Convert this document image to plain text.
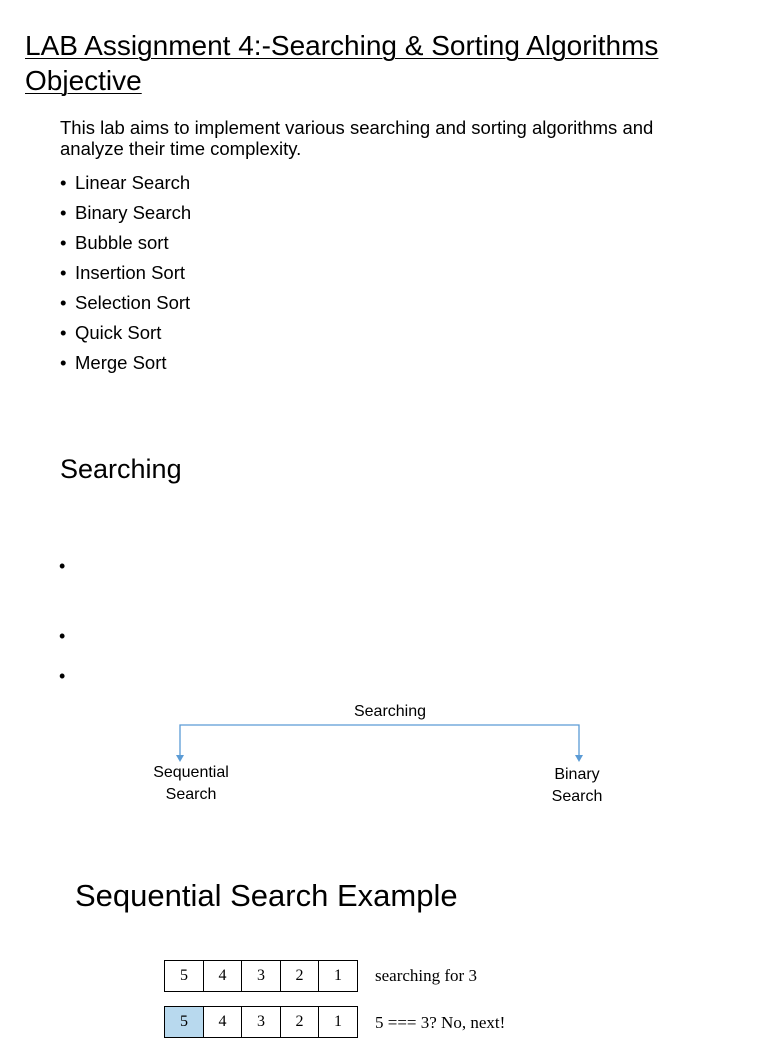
LAB Assignment 4:-Searching & Sorting Algorithms
Objective

This lab aims to implement various searching and sorting algorithms and analyze their time complexity.

• Linear Search
• Binary Search
• Bubble sort
• Insertion Sort
• Selection Sort
• Quick Sort
• Merge Sort
Searching
•
•
•

Searching

Sequential
Search

Binary
Search

Sequential Search Example
5	4	3	2	1	searching for 3
5	4	3	2	1	5 === 3? No, next!
